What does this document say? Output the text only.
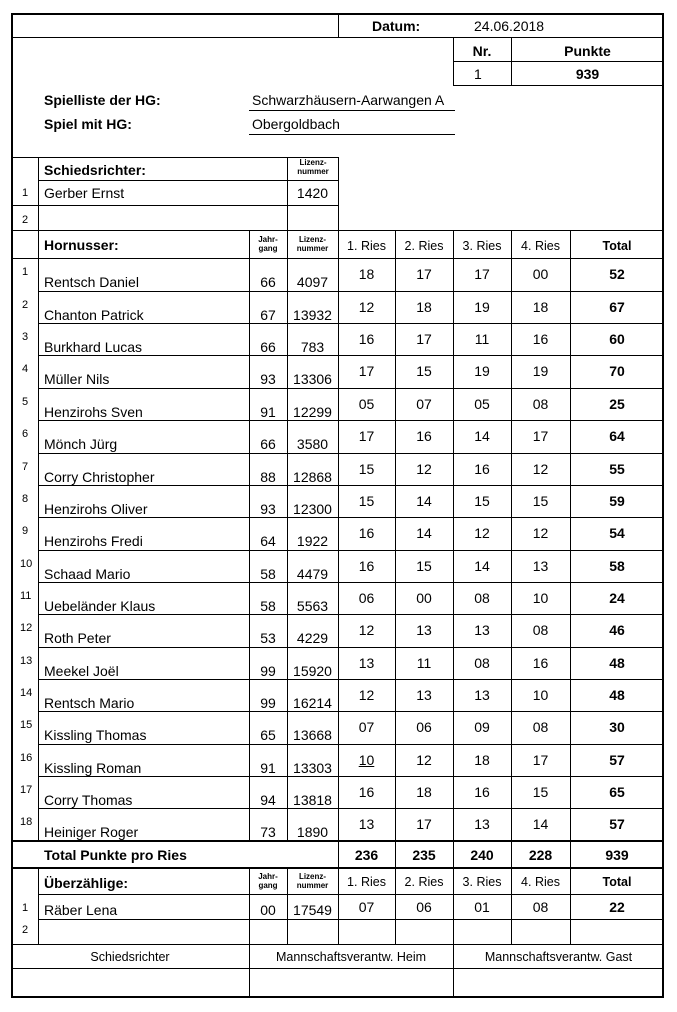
Datum:	24.06.2018
Nr.	Punkte
1	939
Spielliste der HG:	Schwarzhäusern-Aarwangen A
Spiel mit HG:	Obergoldbach
Schiedsrichter:	Lizenz-
nummer
1 Gerber Ernst	1420
2
Hornusser:	Jahr-
gang
Lizenz-
nummer	1. Ries	2. Ries	3. Ries	4. Ries	Total
1
Rentsch Daniel	66	4097	18	17	17	00	52
2
Chanton Patrick	67	13932	12	18	19	18	67
3
Burkhard Lucas	66	783	16	17	11	16	60
4
Müller Nils	93	13306	17	15	19	19	70
5
Henzirohs Sven	91	12299	05	07	05	08	25
6
Mönch Jürg	66	3580	17	16	14	17	64
7
Corry Christopher	88	12868	15	12	16	12	55
8
Henzirohs Oliver	93	12300	15	14	15	15	59
9
Henzirohs Fredi	64	1922	16	14	12	12	54
10
Schaad Mario	58	4479	16	15	14	13	58
11
Uebeländer Klaus	58	5563	06	00	08	10	24
12
Roth Peter	53	4229	12	13	13	08	46
13
Meekel Joël	99	15920	13	11	08	16	48
14
Rentsch Mario	99	16214	12	13	13	10	48
15
Kissling Thomas	65	13668	07	06	09	08	30
16
Kissling Roman	91	13303	10	12	18	17	57
17
Corry Thomas	94	13818	16	18	16	15	65
18
Heiniger Roger	73	1890	13	17	13	14	57
Total Punkte pro Ries	236	235	240	228	939
Überzählige:	Jahr-
gang
Lizenz-
nummer	1. Ries	2. Ries	3. Ries	4. Ries	Total
1 Räber Lena	00	17549	07	06	01	08	22
2
Schiedsrichter	Mannschaftsverantw. Heim	Mannschaftsverantw. Gast
